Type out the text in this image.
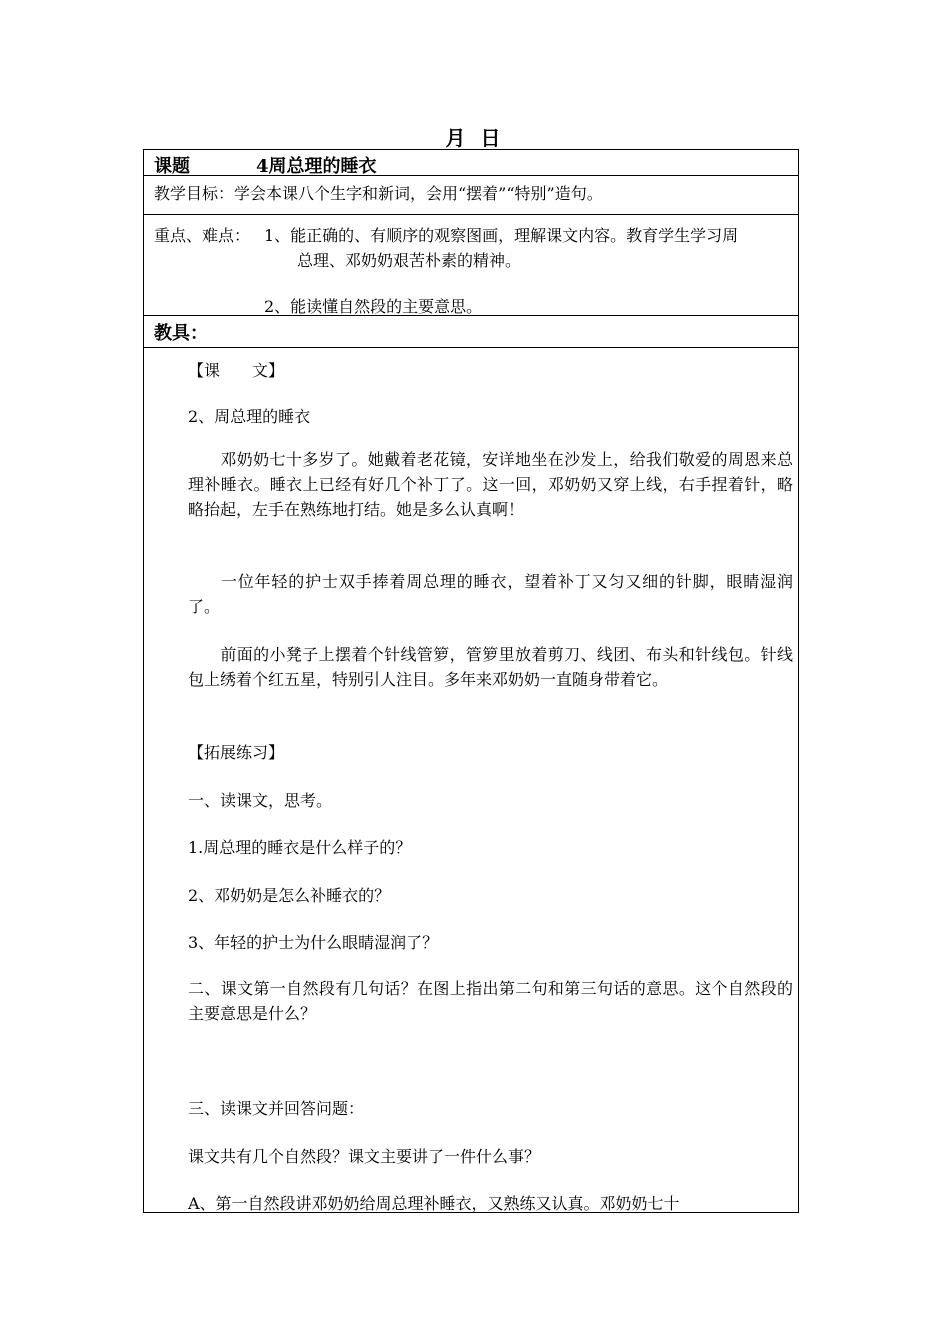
月 日
课题	4周总理的睡衣
教学目标：学会本课八个生字和新词，会用“摆着”“特别”造句。
重点、难点： 1、能正确的、有顺序的观察图画，理解课文内容。教育学生学习周
总理、邓奶奶艰苦朴素的精神。
2、能读懂自然段的主要意思。
教具：
【课　　文】
2、周总理的睡衣
邓奶奶七十多岁了。她戴着老花镜，安详地坐在沙发上，给我们敬爱的周恩来总理补睡衣。睡衣上已经有好几个补丁了。这一回，邓奶奶又穿上线，右手捏着针，略略抬起，左手在熟练地打结。她是多么认真啊！
一位年轻的护士双手捧着周总理的睡衣，望着补丁又匀又细的针脚，眼睛湿润了。
前面的小凳子上摆着个针线管箩，管箩里放着剪刀、线团、布头和针线包。针线包上绣着个红五星，特别引人注目。多年来邓奶奶一直随身带着它。
【拓展练习】
一、读课文，思考。
1.周总理的睡衣是什么样子的？
2、邓奶奶是怎么补睡衣的？
3、年轻的护士为什么眼睛湿润了？
二、课文第一自然段有几句话？在图上指出第二句和第三句话的意思。这个自然段的主要意思是什么？
三、读课文并回答问题：
课文共有几个自然段？课文主要讲了一件什么事？
A、第一自然段讲邓奶奶给周总理补睡衣，又熟练又认真。邓奶奶七十
